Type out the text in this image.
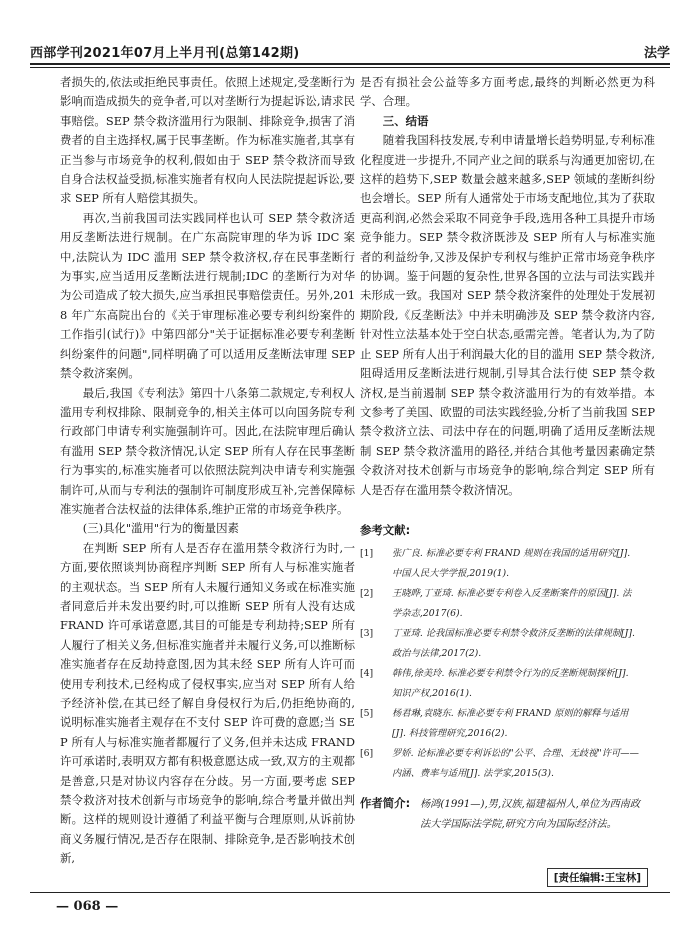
西部学刊2021年07月上半月刊(总第142期)	法学

者损失的,依法或拒绝民事责任。依照上述规定,受垄断行为影响而造成损失的竞争者,可以对垄断行为提起诉讼,请求民事赔偿。SEP 禁令救济滥用行为限制、排除竞争,损害了消费者的自主选择权,属于民事垄断。作为标准实施者,其享有正当参与市场竞争的权利,假如由于 SEP 禁令救济而导致自身合法权益受损,标准实施者有权向人民法院提起诉讼,要求 SEP 所有人赔偿其损失。

再次,当前我国司法实践同样也认可 SEP 禁令救济适用反垄断法进行规制。在广东高院审理的华为诉 IDC 案中,法院认为 IDC 滥用 SEP 禁令救济权,存在民事垄断行为事实,应当适用反垄断法进行规制;IDC 的垄断行为对华为公司造成了较大损失,应当承担民事赔偿责任。另外,2018 年广东高院出台的《关于审理标准必要专利纠纷案件的工作指引(试行)》中第四部分"关于证据标准必要专利垄断纠纷案件的问题",同样明确了可以适用反垄断法审理 SEP 禁令救济案例。

最后,我国《专利法》第四十八条第二款规定,专利权人滥用专利权排除、限制竞争的,相关主体可以向国务院专利行政部门申请专利实施强制许可。因此,在法院审理后确认有滥用 SEP 禁令救济情况,认定 SEP 所有人存在民事垄断行为事实的,标准实施者可以依照法院判决申请专利实施强制许可,从而与专利法的强制许可制度形成互补,完善保障标准实施者合法权益的法律体系,维护正常的市场竞争秩序。

(三)具化"滥用"行为的衡量因素

在判断 SEP 所有人是否存在滥用禁令救济行为时,一方面,要依照谈判协商程序判断 SEP 所有人与标准实施者的主观状态。当 SEP 所有人未履行通知义务或在标准实施者同意后并未发出要约时,可以推断 SEP 所有人没有达成 FRAND 许可承诺意愿,其目的可能是专利劫持;SEP 所有人履行了相关义务,但标准实施者并未履行义务,可以推断标准实施者存在反劫持意图,因为其未经 SEP 所有人许可而使用专利技术,已经构成了侵权事实,应当对 SEP 所有人给予经济补偿,在其已经了解自身侵权行为后,仍拒绝协商的,说明标准实施者主观存在不支付 SEP 许可费的意愿;当 SEP 所有人与标准实施者都履行了义务,但并未达成 FRAND 许可承诺时,表明双方都有积极意愿达成一致,双方的主观都是善意,只是对协议内容存在分歧。另一方面,要考虑 SEP 禁令救济对技术创新与市场竞争的影响,综合考量并做出判断。这样的规则设计遵循了利益平衡与合理原则,从诉前协商义务履行情况,是否存在限制、排除竞争,是否影响技术创新,

是否有损社会公益等多方面考虑,最终的判断必然更为科学、合理。

三、结语

随着我国科技发展,专利申请量增长趋势明显,专利标准化程度进一步提升,不同产业之间的联系与沟通更加密切,在这样的趋势下,SEP 数量会越来越多,SEP 领域的垄断纠纷也会增长。SEP 所有人通常处于市场支配地位,其为了获取更高利润,必然会采取不同竞争手段,选用各种工具提升市场竞争能力。SEP 禁令救济既涉及 SEP 所有人与标准实施者的利益纷争,又涉及保护专利权与维护正常市场竞争秩序的协调。鉴于问题的复杂性,世界各国的立法与司法实践并未形成一致。我国对 SEP 禁令救济案件的处理处于发展初期阶段,《反垄断法》中并未明确涉及 SEP 禁令救济内容,针对性立法基本处于空白状态,亟需完善。笔者认为,为了防止 SEP 所有人出于利润最大化的目的滥用 SEP 禁令救济,阻碍适用反垄断法进行规制,引导其合法行使 SEP 禁令救济权,是当前遏制 SEP 禁令救济滥用行为的有效举措。本文参考了美国、欧盟的司法实践经验,分析了当前我国 SEP 禁令救济立法、司法中存在的问题,明确了适用反垄断法规制 SEP 禁令救济滥用的路径,并结合其他考量因素确定禁令救济对技术创新与市场竞争的影响,综合判定 SEP 所有人是否存在滥用禁令救济情况。

参考文献:
[1] 张广良. 标准必要专利 FRAND 规则在我国的适用研究[J]. 中国人民大学学报,2019(1).
[2] 王晓晔,丁亚琦. 标准必要专利卷入反垄断案件的原因[J]. 法学杂志,2017(6).
[3] 丁亚琦. 论我国标准必要专利禁令救济反垄断的法律规制[J]. 政治与法律,2017(2).
[4] 韩伟,徐美玲. 标准必要专利禁令行为的反垄断规制探析[J]. 知识产权,2016(1).
[5] 杨君琳,袁晓东. 标准必要专利 FRAND 原则的解释与适用[J]. 科技管理研究,2016(2).
[6] 罗娇. 论标准必要专利诉讼的"公平、合理、无歧视"许可——内涵、费率与适用[J]. 法学家,2015(3).
作者简介: 杨鸿(1991—),男,汉族,福建福州人,单位为西南政法大学国际法学院,研究方向为国际经济法。
[责任编辑:王宝林]
— 068 —
